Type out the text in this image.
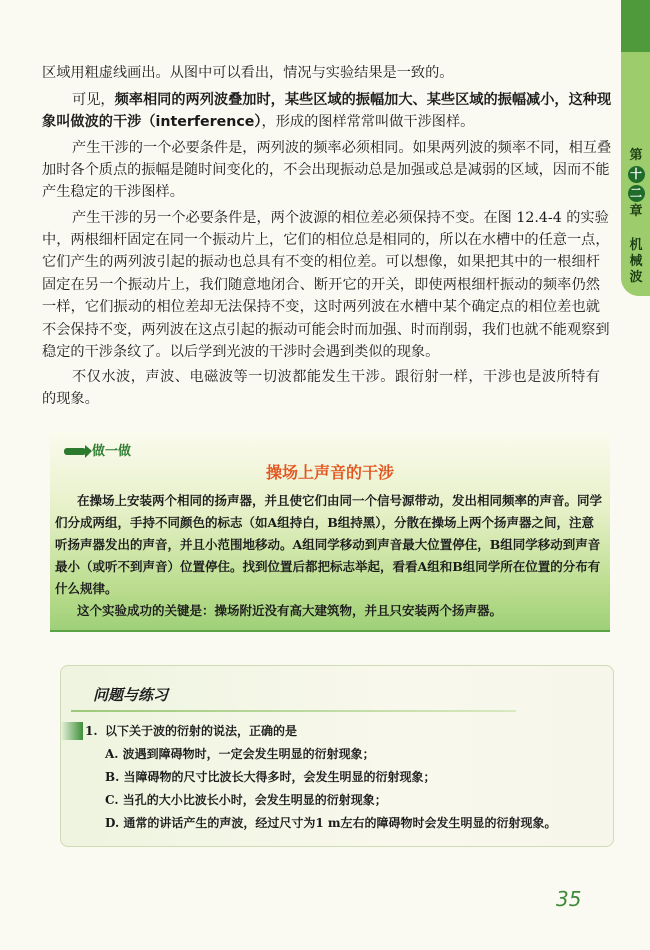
第
十
二
章
机械波
区域用粗虚线画出。从图中可以看出，情况与实验结果是一致的。
可见，频率相同的两列波叠加时，某些区域的振幅加大、某些区域的振幅减小，这种现
象叫做波的干涉（interference），形成的图样常常叫做干涉图样。
产生干涉的一个必要条件是，两列波的频率必须相同。如果两列波的频率不同，相互叠
加时各个质点的振幅是随时间变化的，不会出现振动总是加强或总是减弱的区域，因而不能
产生稳定的干涉图样。
产生干涉的另一个必要条件是，两个波源的相位差必须保持不变。在图 12.4-4 的实验
中，两根细杆固定在同一个振动片上，它们的相位总是相同的，所以在水槽中的任意一点，
它们产生的两列波引起的振动也总具有不变的相位差。可以想像，如果把其中的一根细杆
固定在另一个振动片上，我们随意地闭合、断开它的开关，即使两根细杆振动的频率仍然
一样，它们振动的相位差却无法保持不变，这时两列波在水槽中某个确定点的相位差也就
不会保持不变，两列波在这点引起的振动可能会时而加强、时而削弱，我们也就不能观察到
稳定的干涉条纹了。以后学到光波的干涉时会遇到类似的现象。
不仅水波，声波、电磁波等一切波都能发生干涉。跟衍射一样，干涉也是波所特有
的现象。
做一做
操场上声音的干涉
在操场上安装两个相同的扬声器，并且使它们由同一个信号源带动，发出相同频率的声音。同学
们分成两组，手持不同颜色的标志（如A组持白，B组持黑），分散在操场上两个扬声器之间，注意
听扬声器发出的声音，并且小范围地移动。A组同学移动到声音最大位置停住，B组同学移动到声音
最小（或听不到声音）位置停住。找到位置后都把标志举起，看看A组和B组同学所在位置的分布有
什么规律。
这个实验成功的关键是：操场附近没有高大建筑物，并且只安装两个扬声器。
问题与练习
1. 以下关于波的衍射的说法，正确的是
A. 波遇到障碍物时，一定会发生明显的衍射现象；
B. 当障碍物的尺寸比波长大得多时，会发生明显的衍射现象；
C. 当孔的大小比波长小时，会发生明显的衍射现象；
D. 通常的讲话产生的声波，经过尺寸为1 m左右的障碍物时会发生明显的衍射现象。
35
